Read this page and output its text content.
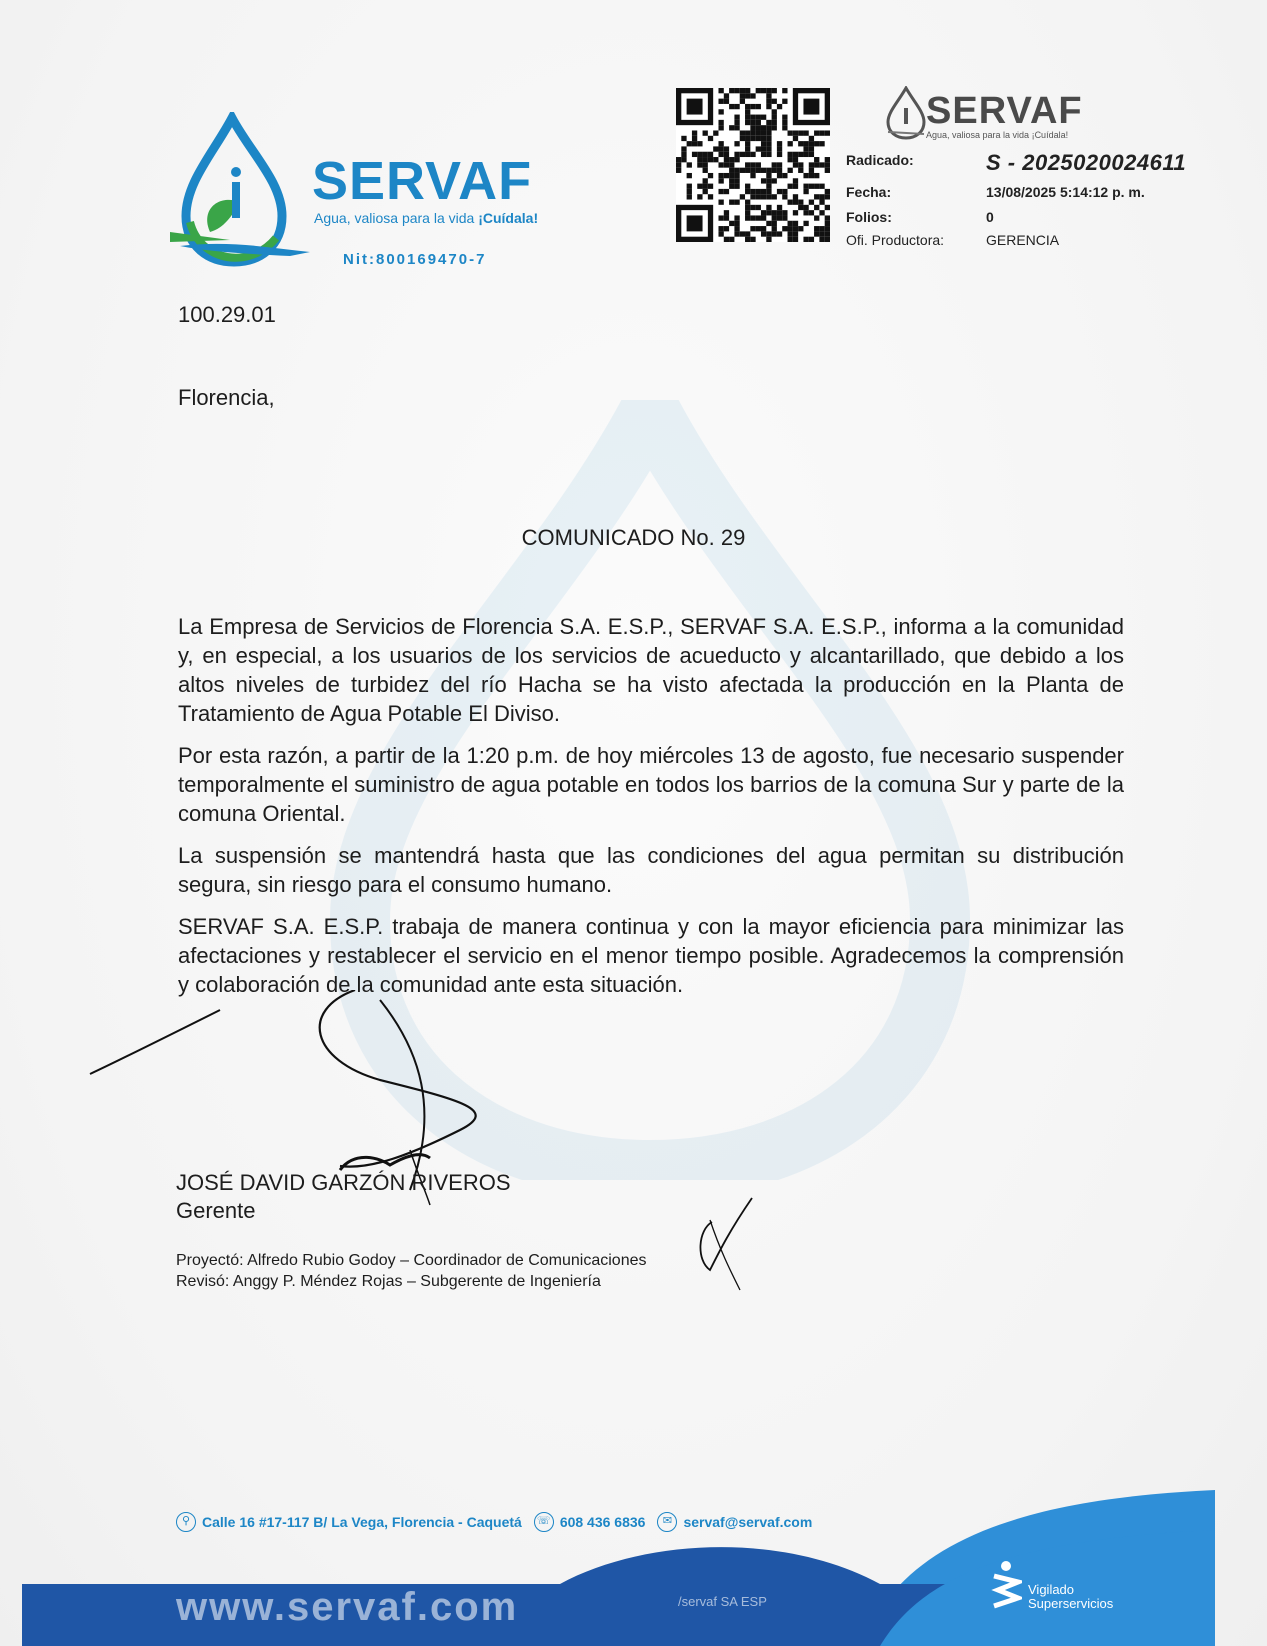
SERVAF
Agua, valiosa para la vida ¡Cuídala!
Nit:800169470-7
SERVAF
Agua, valiosa para la vida ¡Cuídala!
Radicado:	S - 2025020024611
Fecha:	13/08/2025 5:14:12 p. m.
Folios:	0
Ofi. Productora:	GERENCIA
100.29.01
Florencia,
COMUNICADO No. 29

La Empresa de Servicios de Florencia S.A. E.S.P., SERVAF S.A. E.S.P., informa a la comunidad y, en especial, a los usuarios de los servicios de acueducto y alcantarillado, que debido a los altos niveles de turbidez del río Hacha se ha visto afectada la producción en la Planta de Tratamiento de Agua Potable El Diviso.

Por esta razón, a partir de la 1:20 p.m. de hoy miércoles 13 de agosto, fue necesario suspender temporalmente el suministro de agua potable en todos los barrios de la comuna Sur y parte de la comuna Oriental.

La suspensión se mantendrá hasta que las condiciones del agua permitan su distribución segura, sin riesgo para el consumo humano.

SERVAF S.A. E.S.P. trabaja de manera continua y con la mayor eficiencia para minimizar las afectaciones y restablecer el servicio en el menor tiempo posible. Agradecemos la comprensión y colaboración de la comunidad ante esta situación.

JOSÉ DAVID GARZÓN RIVEROS
Gerente
Proyectó: Alfredo Rubio Godoy – Coordinador de Comunicaciones
Revisó: Anggy P. Méndez Rojas – Subgerente de Ingeniería
⚲ Calle 16 #17-117 B/ La Vega, Florencia - Caquetá ☏ 608 436 6836	✉ servaf@servaf.com
www.servaf.com	/servaf SA ESP
Vigilado
Superservicios
